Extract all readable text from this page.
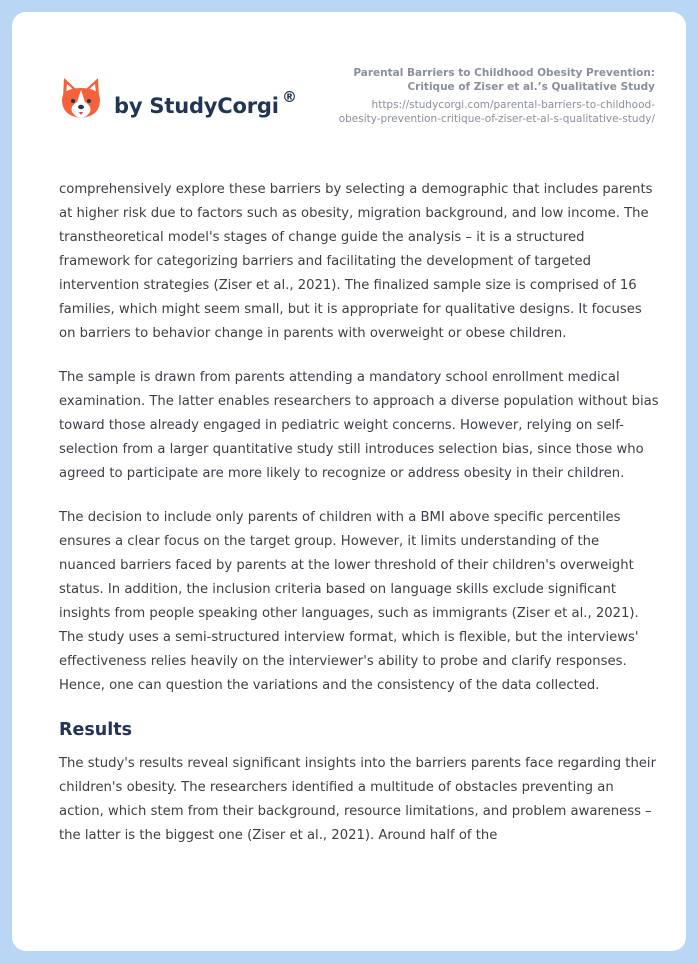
by StudyCorgi ®

Parental Barriers to Childhood Obesity Prevention:
Critique of Ziser et al.’s Qualitative Study

https://studycorgi.com/parental-barriers-to-childhood-
obesity-prevention-critique-of-ziser-et-al-s-qualitative-study/

comprehensively explore these barriers by selecting a demographic that includes parents at higher risk due to factors such as obesity, migration background, and low income. The transtheoretical model's stages of change guide the analysis – it is a structured framework for categorizing barriers and facilitating the development of targeted intervention strategies (Ziser et al., 2021). The finalized sample size is comprised of 16 families, which might seem small, but it is appropriate for qualitative designs. It focuses on barriers to behavior change in parents with overweight or obese children.

The sample is drawn from parents attending a mandatory school enrollment medical examination. The latter enables researchers to approach a diverse population without bias toward those already engaged in pediatric weight concerns. However, relying on self-selection from a larger quantitative study still introduces selection bias, since those who agreed to participate are more likely to recognize or address obesity in their children.

The decision to include only parents of children with a BMI above specific percentiles ensures a clear focus on the target group. However, it limits understanding of the nuanced barriers faced by parents at the lower threshold of their children's overweight status. In addition, the inclusion criteria based on language skills exclude significant insights from people speaking other languages, such as immigrants (Ziser et al., 2021). The study uses a semi-structured interview format, which is flexible, but the interviews' effectiveness relies heavily on the interviewer's ability to probe and clarify responses. Hence, one can question the variations and the consistency of the data collected.

Results

The study's results reveal significant insights into the barriers parents face regarding their children's obesity. The researchers identified a multitude of obstacles preventing an action, which stem from their background, resource limitations, and problem awareness – the latter is the biggest one (Ziser et al., 2021). Around half of the
